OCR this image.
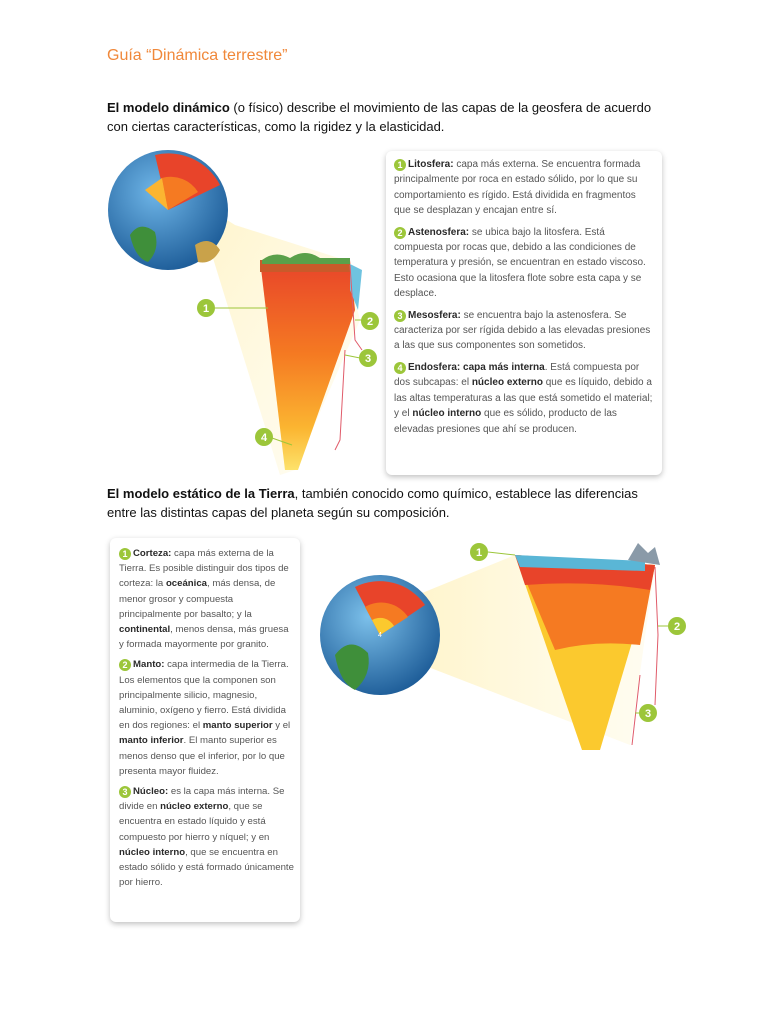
Guía “Dinámica terrestre”
El modelo dinámico (o físico) describe el movimiento de las capas de la geosfera de acuerdo con ciertas características, como la rigidez y la elasticidad.
1
2
3
4
1 Litosfera: capa más externa. Se encuentra formada principalmente por roca en estado sólido, por lo que su comportamiento es rígido. Está dividida en fragmentos que se desplazan y encajan entre sí.
2 Astenosfera: se ubica bajo la litosfera. Está compuesta por rocas que, debido a las condiciones de temperatura y presión, se encuentran en estado viscoso. Esto ocasiona que la litosfera flote sobre esta capa y se desplace.
3 Mesosfera: se encuentra bajo la astenosfera. Se caracteriza por ser rígida debido a las elevadas presiones a las que sus componentes son sometidos.
4 Endosfera: capa más interna. Está compuesta por dos subcapas: el núcleo externo que es líquido, debido a las altas temperaturas a las que está sometido el material; y el núcleo interno que es sólido, producto de las elevadas presiones que ahí se producen.
El modelo estático de la Tierra, también conocido como químico, establece las diferencias entre las distintas capas del planeta según su composición.
1 Corteza: capa más externa de la Tierra. Es posible distinguir dos tipos de corteza: la oceánica, más densa, de menor grosor y compuesta principalmente por basalto; y la continental, menos densa, más gruesa y formada mayormente por granito.
2 Manto: capa intermedia de la Tierra. Los elementos que la componen son principalmente silicio, magnesio, aluminio, oxígeno y fierro. Está dividida en dos regiones: el manto superior y el manto inferior. El manto superior es menos denso que el inferior, por lo que presenta mayor fluidez.
3 Núcleo: es la capa más interna. Se divide en núcleo externo, que se encuentra en estado líquido y está compuesto por hierro y níquel; y en núcleo interno, que se encuentra en estado sólido y está formado únicamente por hierro.
4
1
2
3
